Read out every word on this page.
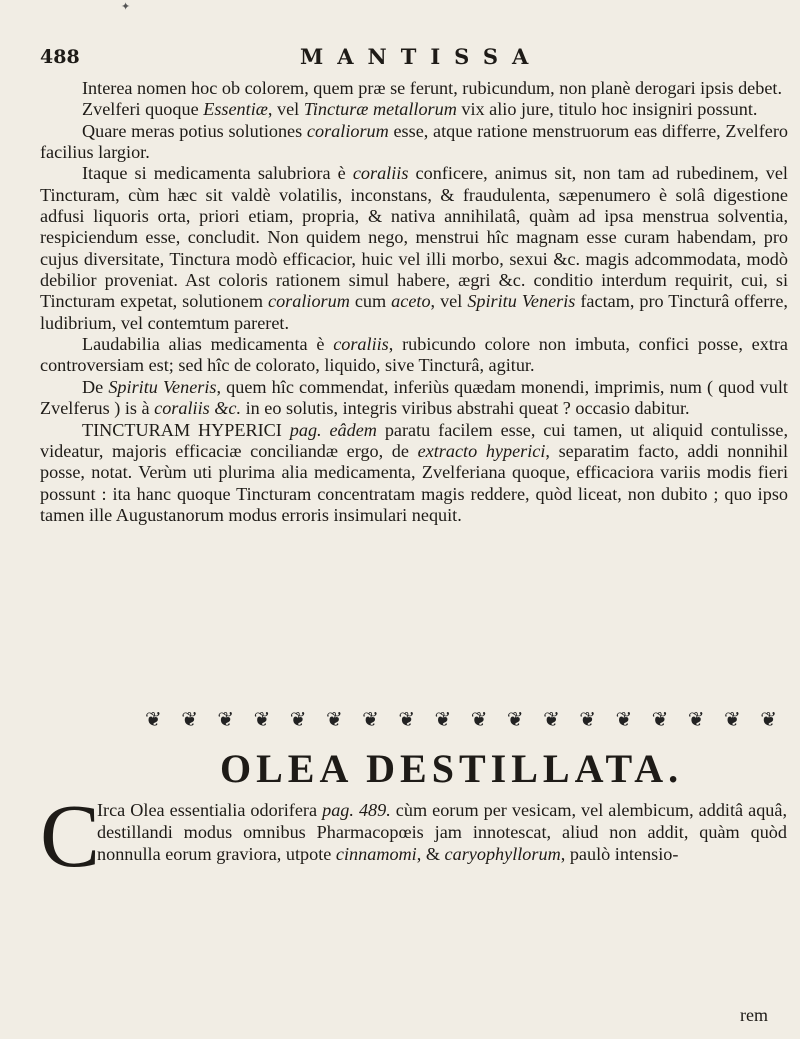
✦
488	MANTISSA

Interea nomen hoc ob colorem, quem præ se ferunt, rubicundum, non planè derogari ipsis debet.

Zvelferi quoque Essentiæ, vel Tincturæ metallorum vix alio jure, titulo hoc insigniri possunt.

Quare meras potius solutiones coraliorum esse, atque ratione menstruorum eas differre, Zvelfero facilius largior.

Itaque si medicamenta salubriora è coraliis conficere, animus sit, non tam ad rubedinem, vel Tincturam, cùm hæc sit valdè volatilis, inconstans, & fraudulenta, sæpenumero è solâ digestione adfusi liquoris orta, priori etiam, propria, & nativa annihilatâ, quàm ad ipsa menstrua solventia, respiciendum esse, concludit. Non quidem nego, menstrui hîc magnam esse curam habendam, pro cujus diversitate, Tinctura modò efficacior, huic vel illi morbo, sexui &c. magis adcommodata, modò debilior proveniat. Ast coloris rationem simul habere, ægri &c. conditio interdum requirit, cui, si Tincturam expetat, solutionem coraliorum cum aceto, vel Spiritu Veneris factam, pro Tincturâ offerre, ludibrium, vel contemtum pareret.

Laudabilia alias medicamenta è coraliis, rubicundo colore non imbuta, confici posse, extra controversiam est; sed hîc de colorato, liquido, sive Tincturâ, agitur.

De Spiritu Veneris, quem hîc commendat, inferiùs quædam monendi, imprimis, num ( quod vult Zvelferus ) is à coraliis &c. in eo solutis, integris viribus abstrahi queat ? occasio dabitur.

TINCTURAM HYPERICI pag. eâdem paratu facilem esse, cui tamen, ut aliquid contulisse, videatur, majoris efficaciæ conciliandæ ergo, de extracto hyperici, separatim facto, addi nonnihil posse, notat. Verùm uti plurima alia medicamenta, Zvelferiana quoque, efficaciora variis modis fieri possunt : ita hanc quoque Tincturam concentratam magis reddere, quòd liceat, non dubito ; quo ipso tamen ille Augustanorum modus erroris insimulari nequit.

❦ ❦ ❦ ❦ ❦ ❦ ❦ ❦ ❦ ❦ ❦ ❦ ❦ ❦ ❦ ❦ ❦ ❦
OLEA DESTILLATA.
C

Irca Olea essentialia odorifera pag. 489. cùm eorum per vesicam, vel alembicum, additâ aquâ, destillandi modus omnibus Pharmacopœis jam innotescat, aliud non addit, quàm quòd nonnulla eorum graviora, utpote cinnamomi, & caryophyllorum, paulò intensio-

rem
